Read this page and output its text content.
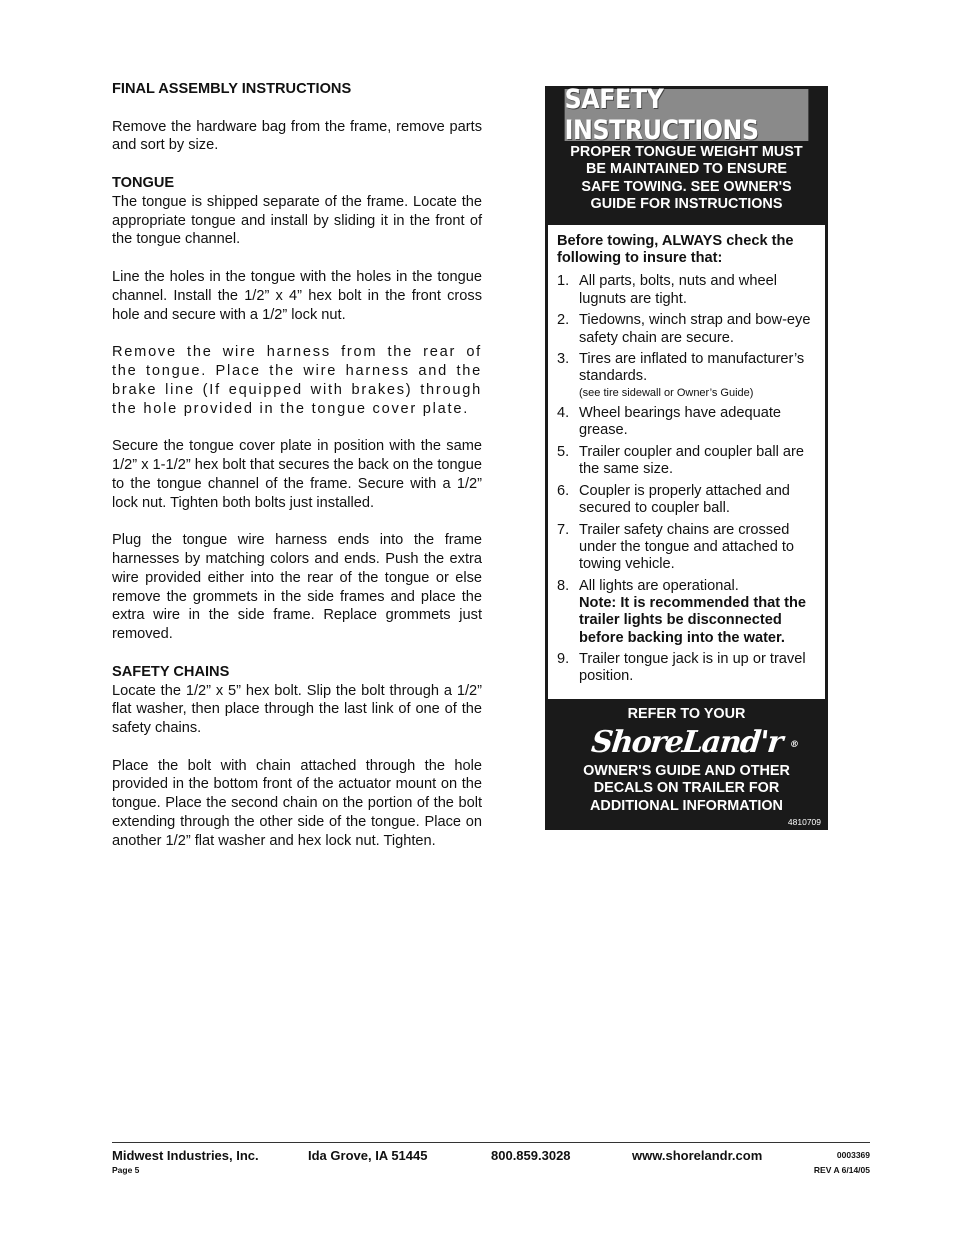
FINAL ASSEMBLY INSTRUCTIONS

Remove the hardware bag from the frame, remove parts and sort by size.

TONGUE

The tongue is shipped separate of the frame. Locate the appropriate tongue and install by sliding it in the front of the tongue channel.

Line the holes in the tongue with the holes in the tongue channel. Install the 1/2” x 4” hex bolt in the front cross hole and secure with a 1/2” lock nut.

Remove the wire harness from the rear of the tongue. Place the wire harness and the brake line (If equipped with brakes) through the hole provided in the tongue cover plate.

Secure the tongue cover plate in position with the same 1/2” x 1-1/2” hex bolt that secures the back on the tongue to the tongue channel of the frame. Secure with a 1/2” lock nut. Tighten both bolts just installed.

Plug the tongue wire harness ends into the frame harnesses by matching colors and ends. Push the extra wire provided either into the rear of the tongue or else remove the grommets in the side frames and place the extra wire in the side frame. Replace grommets just removed.

SAFETY CHAINS

Locate the 1/2” x 5” hex bolt. Slip the bolt through a 1/2” flat washer, then place through the last link of one of the safety chains.

Place the bolt with chain attached through the hole provided in the bottom front of the actuator mount on the tongue. Place the second chain on the portion of the bolt extending through the other side of the tongue. Place on another 1/2” flat washer and hex lock nut. Tighten.

SAFETY INSTRUCTIONS
PROPER TONGUE WEIGHT MUST
BE MAINTAINED TO ENSURE
SAFE TOWING. SEE OWNER'S
GUIDE FOR INSTRUCTIONS
Before towing, ALWAYS check the following to insure that:
1. All parts, bolts, nuts and wheel lugnuts are tight.
2. Tiedowns, winch strap and bow-eye safety chain are secure.
3. Tires are inflated to manufacturer’s standards.
(see tire sidewall or Owner’s Guide)
4. Wheel bearings have adequate grease.
5. Trailer coupler and coupler ball are the same size.
6. Coupler is properly attached and secured to coupler ball.
7. Trailer safety chains are crossed under the tongue and attached to towing vehicle.
8. All lights are operational.
Note: It is recommended that the trailer lights be disconnected before backing into the water.
9. Trailer tongue jack is in up or travel position.
REFER TO YOUR
ShoreLand'r ®
OWNER'S GUIDE AND OTHER
DECALS ON TRAILER FOR
ADDITIONAL INFORMATION
4810709
Midwest Industries, Inc.	Ida Grove, IA 51445	800.859.3028	www.shorelandr.com	0003369
Page 5	REV A 6/14/05
